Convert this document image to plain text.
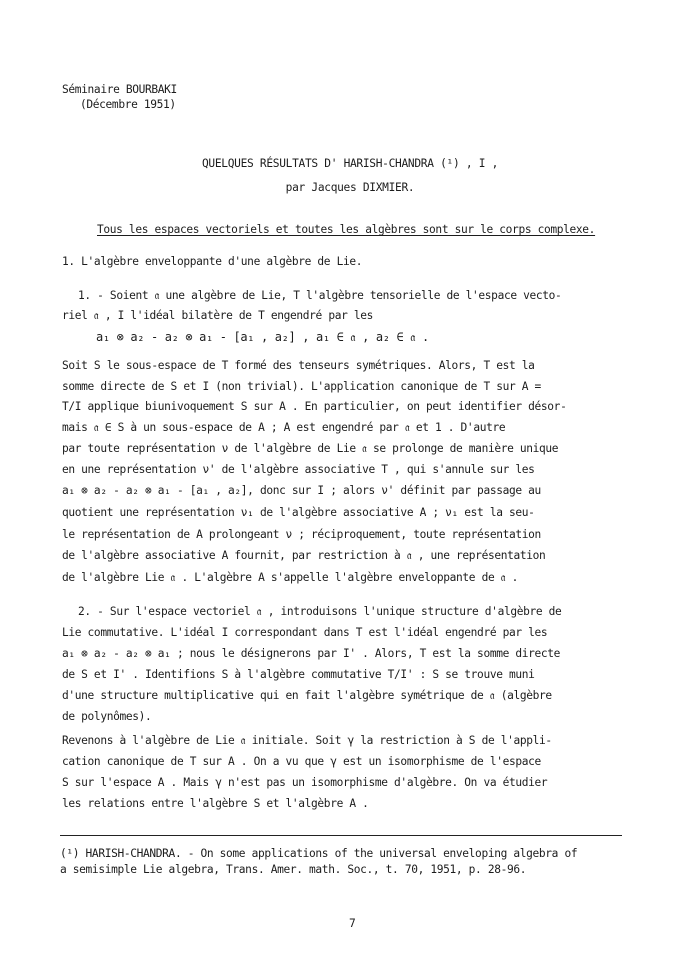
Séminaire BOURBAKI
(Décembre 1951)
QUELQUES RÉSULTATS D' HARISH-CHANDRA (¹) , I ,
par Jacques DIXMIER.
Tous les espaces vectoriels et toutes les algèbres sont sur le corps complexe.
1. L'algèbre enveloppante d'une algèbre de Lie.
1. - Soient 𝔞 une algèbre de Lie, T l'algèbre tensorielle de l'espace vecto-
riel 𝔞 , I l'idéal bilatère de T engendré par les
a₁ ⊗ a₂ - a₂ ⊗ a₁ - [a₁ , a₂] , a₁ ∈ 𝔞 , a₂ ∈ 𝔞 .
Soit S le sous-espace de T formé des tenseurs symétriques. Alors, T est la
somme directe de S et I (non trivial). L'application canonique de T sur A =
T/I applique biunivoquement S sur A . En particulier, on peut identifier désor-
mais 𝔞 ∈ S à un sous-espace de A ; A est engendré par 𝔞 et 1 . D'autre
par toute représentation ν de l'algèbre de Lie 𝔞 se prolonge de manière unique
en une représentation ν' de l'algèbre associative T , qui s'annule sur les
a₁ ⊗ a₂ - a₂ ⊗ a₁ - [a₁ , a₂], donc sur I ; alors ν' définit par passage au
quotient une représentation ν₁ de l'algèbre associative A ; ν₁ est la seu-
le représentation de A prolongeant ν ; réciproquement, toute représentation
de l'algèbre associative A fournit, par restriction à 𝔞 , une représentation
de l'algèbre Lie 𝔞 . L'algèbre A s'appelle l'algèbre enveloppante de 𝔞 .
2. - Sur l'espace vectoriel 𝔞 , introduisons l'unique structure d'algèbre de
Lie commutative. L'idéal I correspondant dans T est l'idéal engendré par les
a₁ ⊗ a₂ - a₂ ⊗ a₁ ; nous le désignerons par I' . Alors, T est la somme directe
de S et I' . Identifions S à l'algèbre commutative T/I' : S se trouve muni
d'une structure multiplicative qui en fait l'algèbre symétrique de 𝔞 (algèbre
de polynômes).
Revenons à l'algèbre de Lie 𝔞 initiale. Soit γ la restriction à S de l'appli-
cation canonique de T sur A . On a vu que γ est un isomorphisme de l'espace
S sur l'espace A . Mais γ n'est pas un isomorphisme d'algèbre. On va étudier
les relations entre l'algèbre S et l'algèbre A .
(¹) HARISH-CHANDRA. - On some applications of the universal enveloping algebra of
a semisimple Lie algebra, Trans. Amer. math. Soc., t. 70, 1951, p. 28-96.
7
